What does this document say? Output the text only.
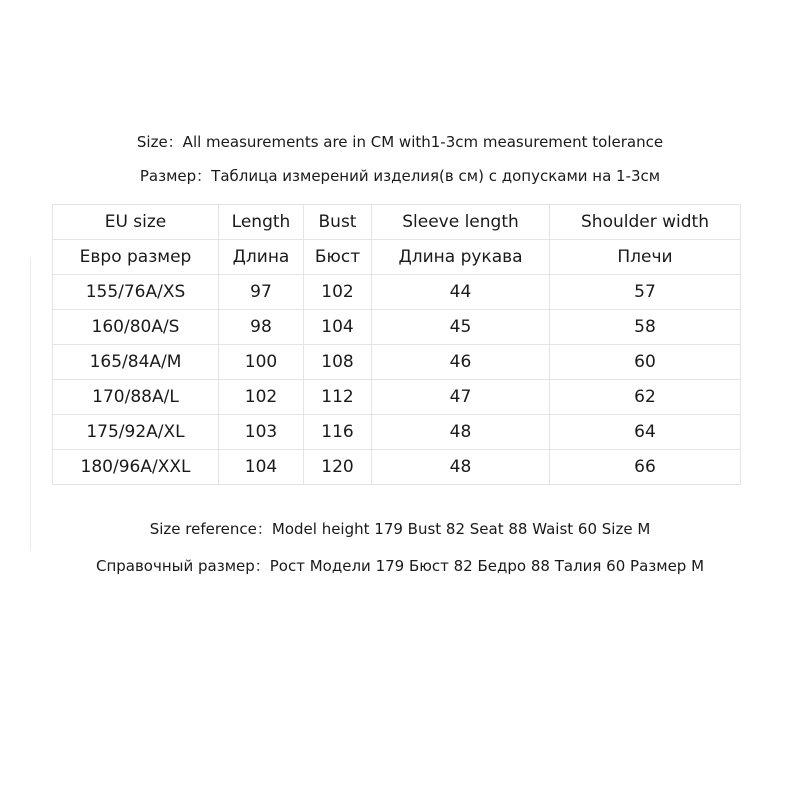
Size：All measurements are in CM with1-3cm measurement tolerance
Размер：Таблица измерений изделия(в см) с допусками на 1-3см
EU size	Length	Bust	Sleeve length	Shoulder width
Евро размер	Длина	Бюст	Длина рукава	Плечи
155/76A/XS	97	102	44	57
160/80A/S	98	104	45	58
165/84A/M	100	108	46	60
170/88A/L	102	112	47	62
175/92A/XL	103	116	48	64
180/96A/XXL	104	120	48	66
Size reference：Model height 179 Bust 82 Seat 88 Waist 60 Size M
Справочный размер：Рост Модели 179 Бюст 82 Бедро 88 Талия 60 Размер M
